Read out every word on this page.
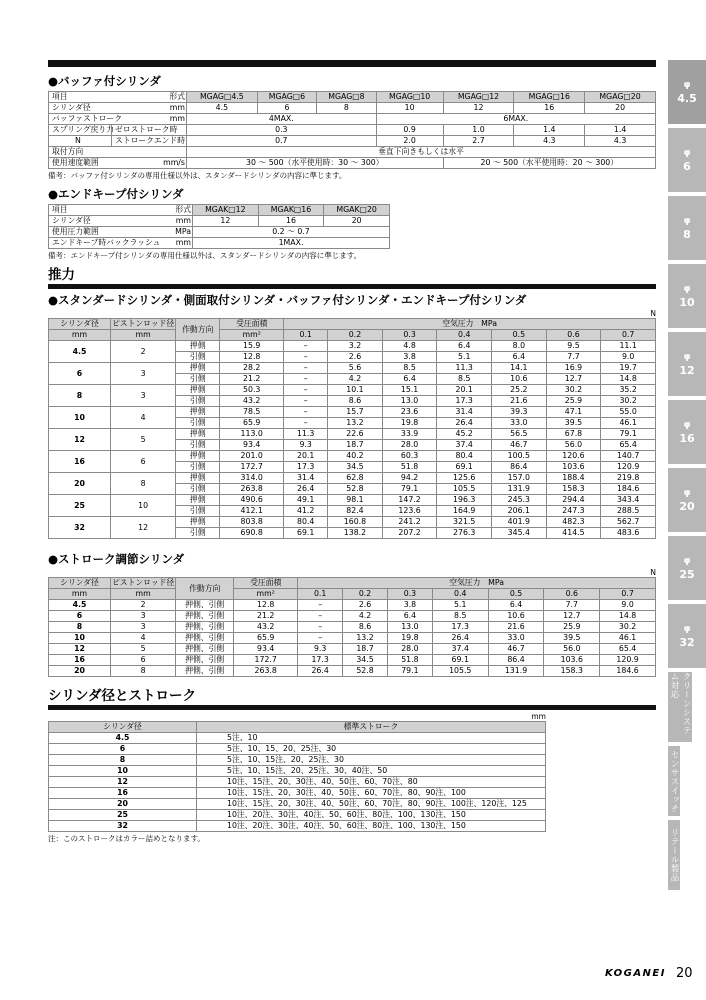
●バッファ付シリンダ
項目 形式	MGAG□4.5	MGAG□6	MGAG□8	MGAG□10	MGAG□12	MGAG□16	MGAG□20

シリンダ径 mm	4.5	6	8	10	12	16	20

バッファストローク mm	4MAX.			6MAX.			

スプリング戻り力 ゼロストローク時	0.3			0.9	1.0	1.4	1.4

N ストロークエンド時	0.7			2.0	2.7	4.3	4.3
取付方向	垂直下向きもしくは水平						

使用速度範囲 mm/s	30 ～ 500（水平使用時：30 ～ 300）				20 ～ 500（水平使用時：20 ～ 300）		
備考：バッファ付シリンダの専用仕様以外は、スタンダードシリンダの内容に準じます。
●エンドキープ付シリンダ
項目 形式	MGAK□12	MGAK□16	MGAK□20

シリンダ径 mm	12	16	20

使用圧力範囲 MPa	0.2 ～ 0.7		

エンドキープ時バックラッシュ mm	1MAX.		
備考：エンドキープ付シリンダの専用仕様以外は、スタンダードシリンダの内容に準じます。
推力
●スタンダードシリンダ・側面取付シリンダ・バッファ付シリンダ・エンドキープ付シリンダ
N
シリンダ径	ピストンロッド径	作動方向	受圧面積	空気圧力　MPa						
mm	mm		mm²	0.1	0.2	0.3	0.4	0.5	0.6	0.7
4.5	2	押側	15.9	–	3.2	4.8	6.4	8.0	9.5	11.1
		引側	12.8	–	2.6	3.8	5.1	6.4	7.7	9.0
6	3	押側	28.2	–	5.6	8.5	11.3	14.1	16.9	19.7
		引側	21.2	–	4.2	6.4	8.5	10.6	12.7	14.8
8	3	押側	50.3	–	10.1	15.1	20.1	25.2	30.2	35.2
		引側	43.2	–	8.6	13.0	17.3	21.6	25.9	30.2
10	4	押側	78.5	–	15.7	23.6	31.4	39.3	47.1	55.0
		引側	65.9	–	13.2	19.8	26.4	33.0	39.5	46.1
12	5	押側	113.0	11.3	22.6	33.9	45.2	56.5	67.8	79.1
		引側	93.4	9.3	18.7	28.0	37.4	46.7	56.0	65.4
16	6	押側	201.0	20.1	40.2	60.3	80.4	100.5	120.6	140.7
		引側	172.7	17.3	34.5	51.8	69.1	86.4	103.6	120.9
20	8	押側	314.0	31.4	62.8	94.2	125.6	157.0	188.4	219.8
		引側	263.8	26.4	52.8	79.1	105.5	131.9	158.3	184.6
25	10	押側	490.6	49.1	98.1	147.2	196.3	245.3	294.4	343.4
		引側	412.1	41.2	82.4	123.6	164.9	206.1	247.3	288.5
32	12	押側	803.8	80.4	160.8	241.2	321.5	401.9	482.3	562.7
		引側	690.8	69.1	138.2	207.2	276.3	345.4	414.5	483.6
●ストローク調節シリンダ
N
シリンダ径	ピストンロッド径	作動方向	受圧面積	空気圧力　MPa						
mm	mm		mm²	0.1	0.2	0.3	0.4	0.5	0.6	0.7
4.5	2	押側、引側	12.8	–	2.6	3.8	5.1	6.4	7.7	9.0
6	3	押側、引側	21.2	–	4.2	6.4	8.5	10.6	12.7	14.8
8	3	押側、引側	43.2	–	8.6	13.0	17.3	21.6	25.9	30.2
10	4	押側、引側	65.9	–	13.2	19.8	26.4	33.0	39.5	46.1
12	5	押側、引側	93.4	9.3	18.7	28.0	37.4	46.7	56.0	65.4
16	6	押側、引側	172.7	17.3	34.5	51.8	69.1	86.4	103.6	120.9
20	8	押側、引側	263.8	26.4	52.8	79.1	105.5	131.9	158.3	184.6
シリンダ径とストローク
mm
シリンダ径	標準ストローク
4.5	5注、10
6	5注、10、15、20、25注、30
8	5注、10、15注、20、25注、30
10	5注、10、15注、20、25注、30、40注、50
12	10注、15注、20、30注、40、50注、60、70注、80
16	10注、15注、20、30注、40、50注、60、70注、80、90注、100
20	10注、15注、20、30注、40、50注、60、70注、80、90注、100注、120注、125
25	10注、20注、30注、40注、50、60注、80注、100、130注、150
32	10注、20注、30注、40注、50、60注、80注、100、130注、150
注：このストロークはカラー詰めとなります。
φ
4.5
φ
6
φ
8
φ
10
φ
12
φ
16
φ
20
φ
25
φ
32
クリーンシステム対応
センサスイッチ
リテール製品
KOGANEI 20
